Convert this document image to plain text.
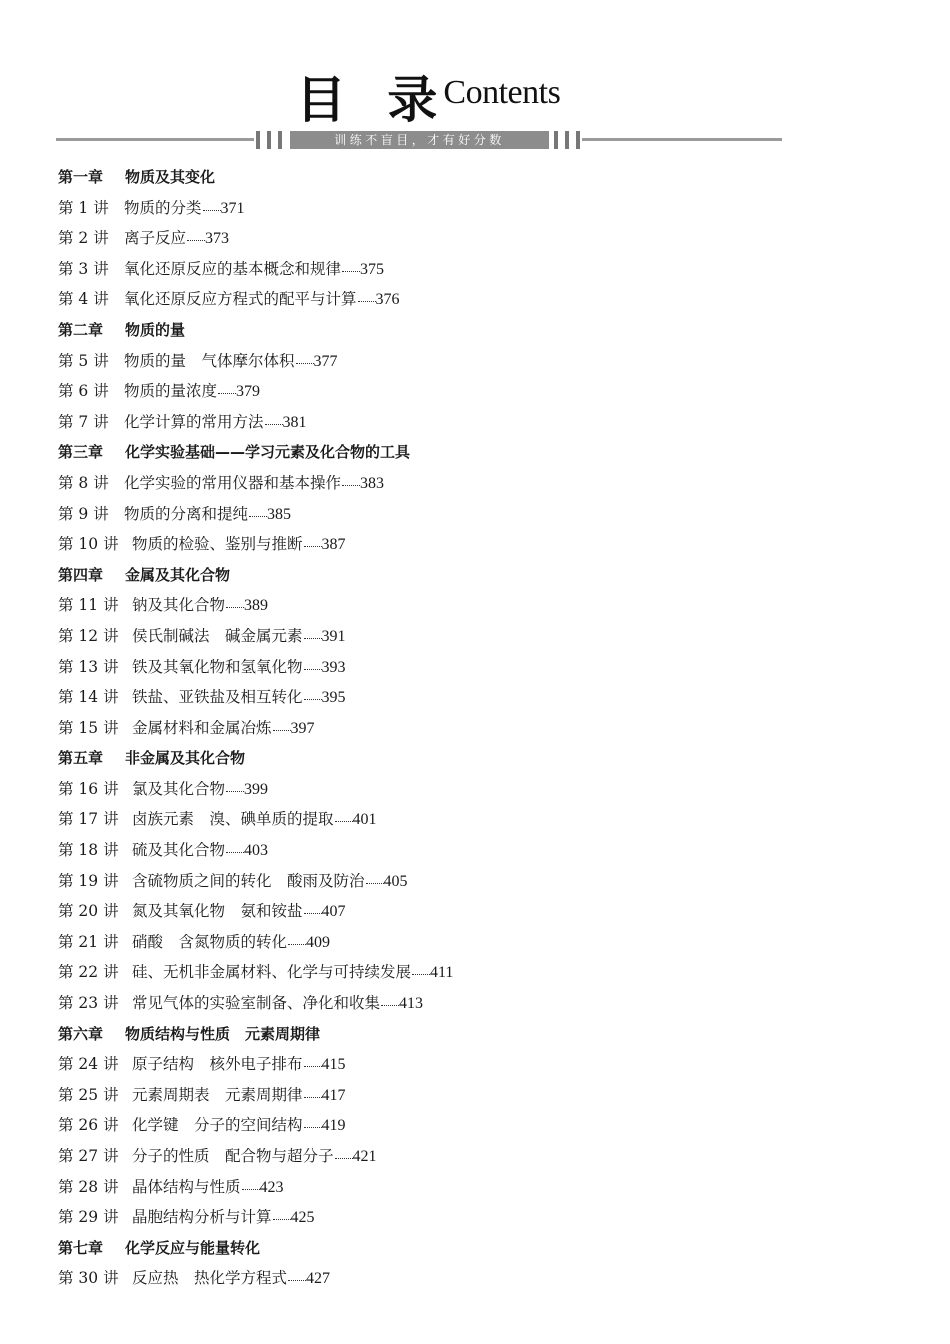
目 录Contents
训练不盲目，才有好分数
第一章 物质及其变化
第 1 讲 物质的分类 371
第 2 讲 离子反应 373
第 3 讲 氧化还原反应的基本概念和规律 375
第 4 讲 氧化还原反应方程式的配平与计算 376
第二章 物质的量
第 5 讲 物质的量　气体摩尔体积 377
第 6 讲 物质的量浓度 379
第 7 讲 化学计算的常用方法 381
第三章 化学实验基础——学习元素及化合物的工具
第 8 讲 化学实验的常用仪器和基本操作 383
第 9 讲 物质的分离和提纯 385
第 10 讲 物质的检验、鉴别与推断 387
第四章 金属及其化合物
第 11 讲 钠及其化合物 389
第 12 讲 侯氏制碱法　碱金属元素 391
第 13 讲 铁及其氧化物和氢氧化物 393
第 14 讲 铁盐、亚铁盐及相互转化 395
第 15 讲 金属材料和金属冶炼 397
第五章 非金属及其化合物
第 16 讲 氯及其化合物 399
第 17 讲 卤族元素　溴、碘单质的提取 401
第 18 讲 硫及其化合物 403
第 19 讲 含硫物质之间的转化　酸雨及防治 405
第 20 讲 氮及其氧化物　氨和铵盐 407
第 21 讲 硝酸　含氮物质的转化 409
第 22 讲 硅、无机非金属材料、化学与可持续发展 411
第 23 讲 常见气体的实验室制备、净化和收集 413
第六章 物质结构与性质　元素周期律
第 24 讲 原子结构　核外电子排布 415
第 25 讲 元素周期表　元素周期律 417
第 26 讲 化学键　分子的空间结构 419
第 27 讲 分子的性质　配合物与超分子 421
第 28 讲 晶体结构与性质 423
第 29 讲 晶胞结构分析与计算 425
第七章 化学反应与能量转化
第 30 讲 反应热　热化学方程式 427
